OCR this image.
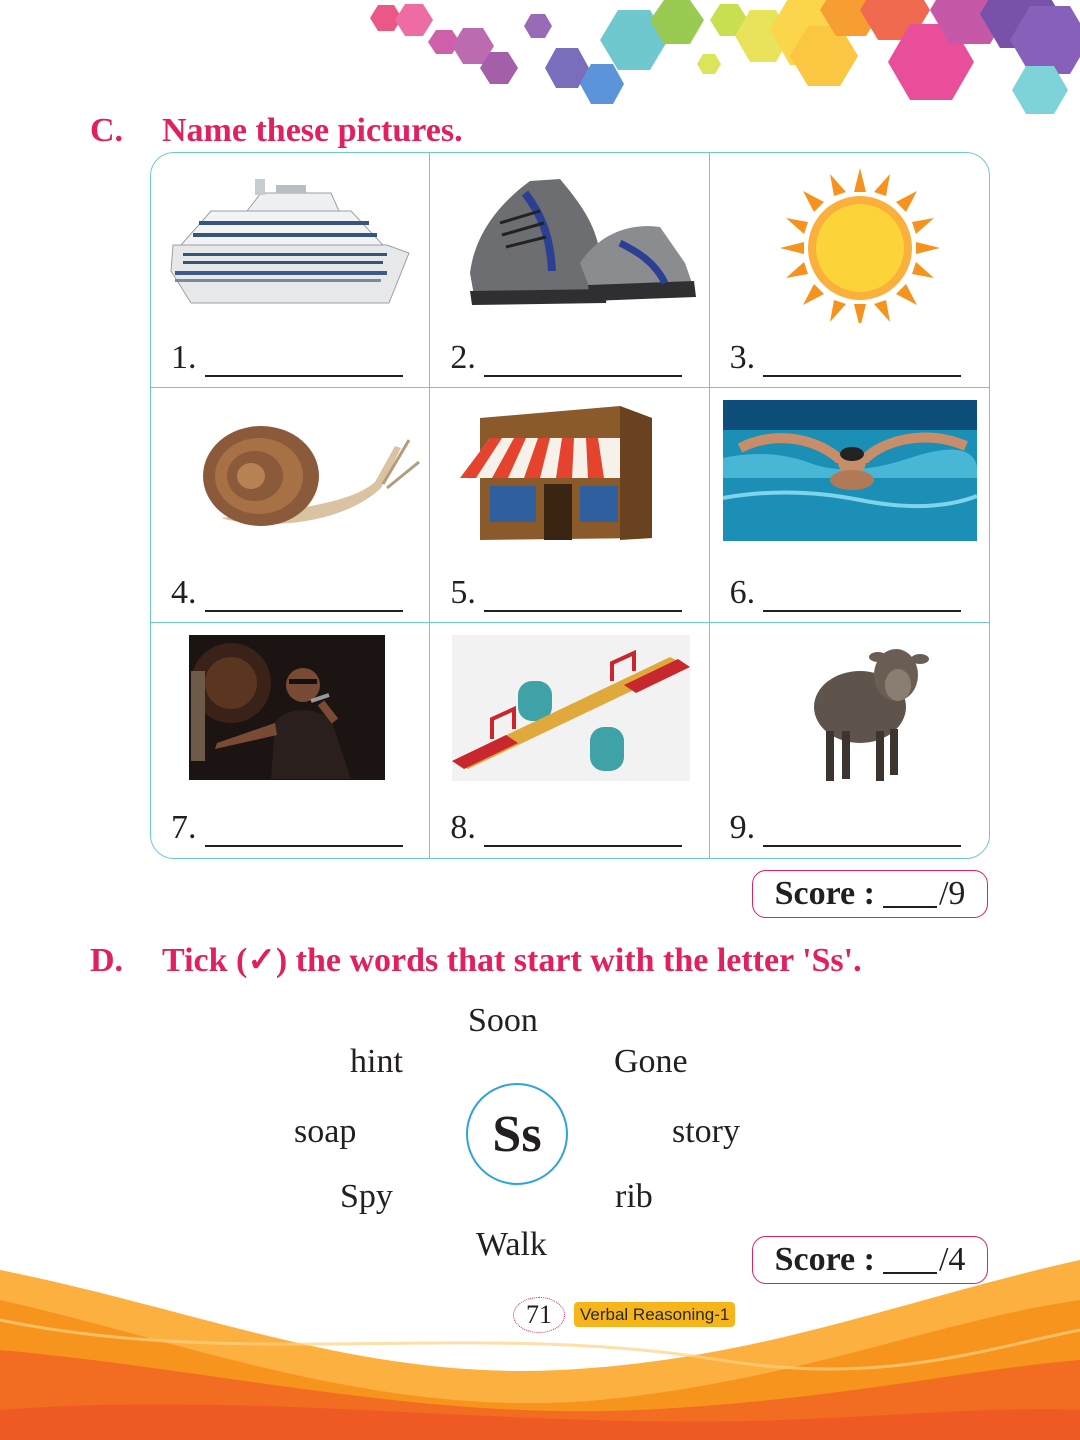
C. Name these pictures.
1.	2.	3.
4.	5.	6.
7.	8.	9.
Score : /9
D. Tick (✓) the words that start with the letter 'Ss'.
Soon
hint	Gone
soap	story
Spy	rib
Walk
Ss
Score : /4
71 Verbal Reasoning-1
